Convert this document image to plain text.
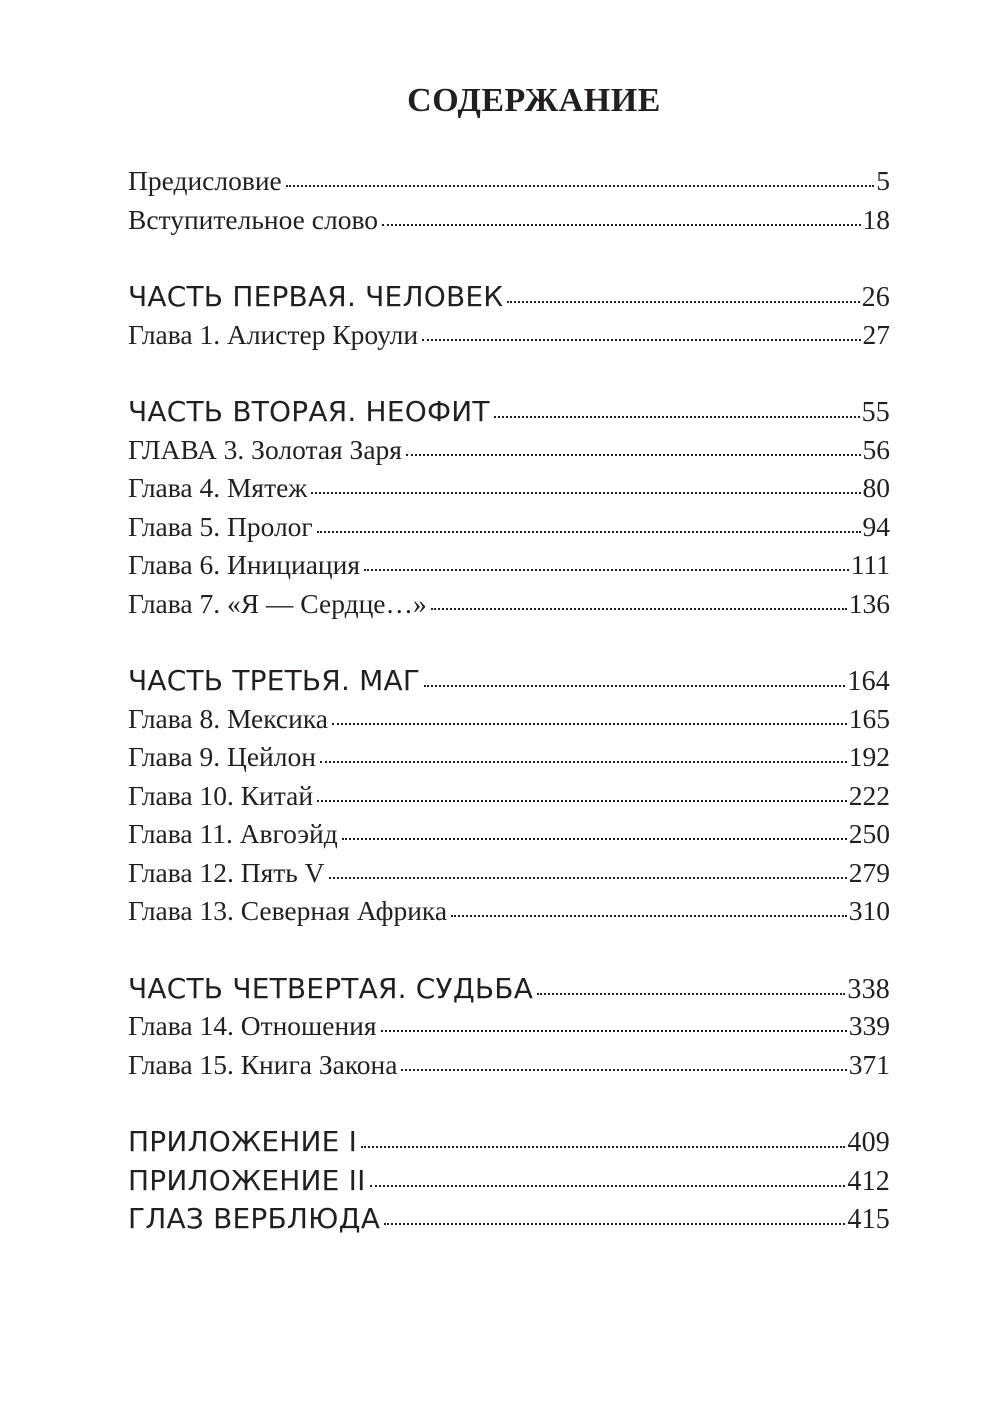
СОДЕРЖАНИЕ
Предисловие	5
Вступительное слово	18
ЧАСТЬ ПЕРВАЯ. ЧЕЛОВЕК	26
Глава 1. Алистер Кроули	27
ЧАСТЬ ВТОРАЯ. НЕОФИТ	55
ГЛАВА 3. Золотая Заря	56
Глава 4. Мятеж	80
Глава 5. Пролог	94
Глава 6. Инициация	111
Глава 7. «Я — Сердце…»	136
ЧАСТЬ ТРЕТЬЯ. МАГ	164
Глава 8. Мексика	165
Глава 9. Цейлон	192
Глава 10. Китай	222
Глава 11. Авгоэйд	250
Глава 12. Пять V	279
Глава 13. Северная Африка	310
ЧАСТЬ ЧЕТВЕРТАЯ. СУДЬБА	338
Глава 14. Отношения	339
Глава 15. Книга Закона	371
ПРИЛОЖЕНИЕ I	409
ПРИЛОЖЕНИЕ II	412
ГЛАЗ ВЕРБЛЮДА	415
